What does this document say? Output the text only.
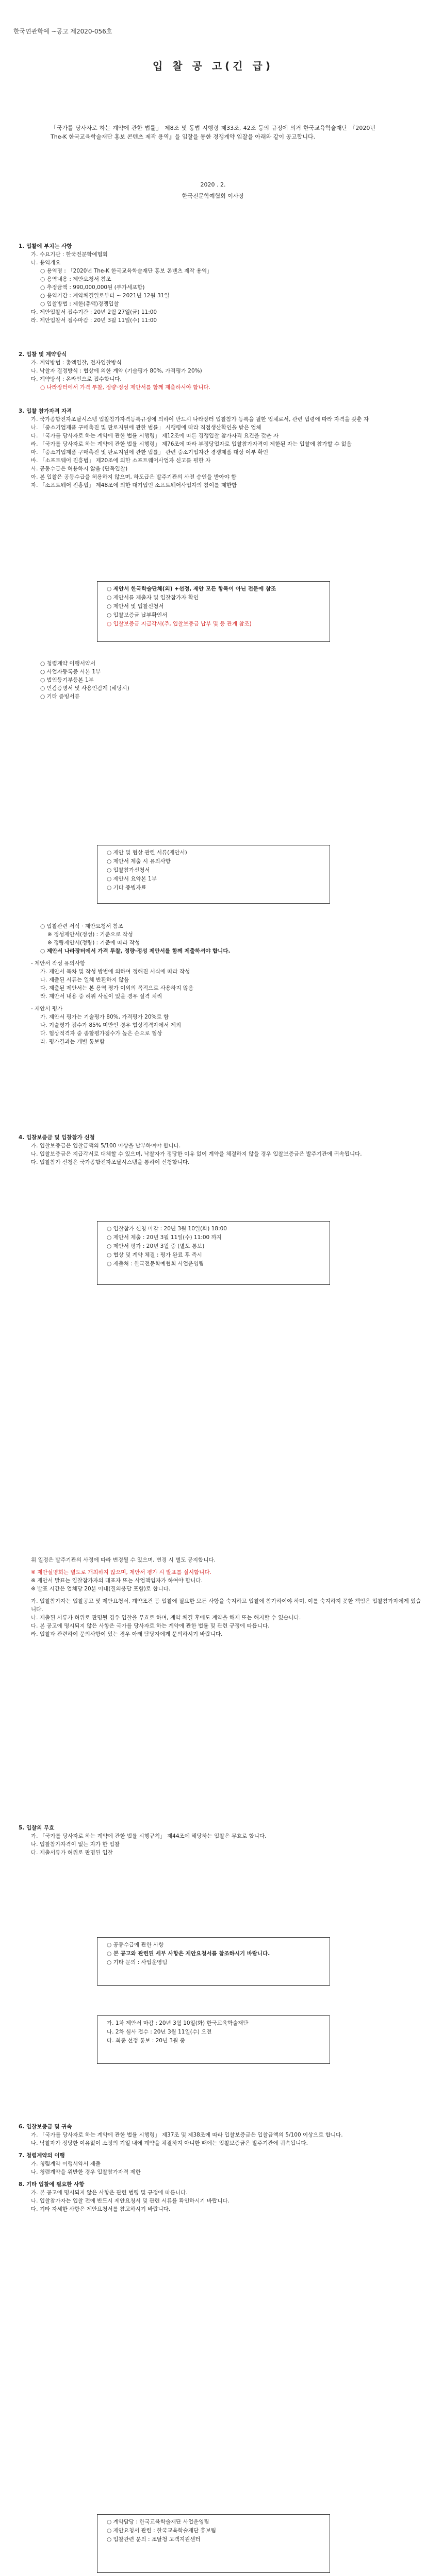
한국연관학예 ~공고 제2020-056호
입 찰 공 고(긴 급)
「국가를 당사자로 하는 계약에 관한 법률」 제8조 및 동법 시행령 제33조, 42조 등의 규정에 의거 한국교육학술재단 『2020년 The-K 한국교육학술재단 홍보 콘텐츠 제작 용역』을 입찰을 통한 경쟁계약 입찰을 아래와 같이 공고합니다.
2020 . 2.
한국전문학예협회 이사장
1. 입찰에 부치는 사항
가. 수요기관 : 한국전문학예협회
나. 용역개요
○ 용역명 : 「2020년 The-K 한국교육학술재단 홍보 콘텐츠 제작 용역」
○ 용역내용 : 제안요청서 참조
○ 추정금액 : 990,000,000원 (부가세포함)
○ 용역기간 : 계약체결일로부터 ~ 2021년 12월 31일
○ 입찰방법 : 제한(총액)경쟁입찰
다. 제안입찰서 접수기간 : 20년 2월 27일(금) 11:00
라. 제안입찰서 접수마감 : 20년 3월 11일(수) 11:00
2. 입찰 및 계약방식
가. 계약방법 : 총액입찰, 전자입찰방식
나. 낙찰자 결정방식 : 협상에 의한 계약 (기술평가 80%, 가격평가 20%)
다. 계약방식 : 온라인으로 접수합니다.
○ 나라장터에서 가격 투찰, 정량·정성 제안서를 함께 제출하셔야 합니다.
3. 입찰 참가자격 자격
가. 국가종합전자조달시스템 입찰참가자격등록규정에 의하여 반드시 나라장터 입찰참가 등록을 필한 업체로서, 관련 법령에 따라 자격을 갖춘 자
나. 「중소기업제품 구매촉진 및 판로지원에 관한 법률」 시행령에 따라 직접생산확인을 받은 업체
다. 「국가를 당사자로 하는 계약에 관한 법률 시행령」 제12조에 따른 경쟁입찰 참가자격 요건을 갖춘 자
라. 「국가를 당사자로 하는 계약에 관한 법률 시행령」 제76조에 따라 부정당업자로 입찰참가자격이 제한된 자는 입찰에 참가할 수 없음
마. 「중소기업제품 구매촉진 및 판로지원에 관한 법률」 관련 중소기업자간 경쟁제품 대상 여부 확인
바. 「소프트웨어 진흥법」 제20조에 의한 소프트웨어사업자 신고를 필한 자
사. 공동수급은 허용하지 않음 (단독입찰)
아. 본 입찰은 공동수급을 허용하지 않으며, 하도급은 발주기관의 사전 승인을 받아야 함
자. 「소프트웨어 진흥법」 제48조에 의한 대기업인 소프트웨어사업자의 참여를 제한함
○ 제안서 한국학술단체(외) +선정, 제안 모든 항목이 아닌 전문에 참조
○ 제안서를 제출자 및 입찰참가자 확인
○ 제안서 및 입찰신청서
○ 입찰보증금 납부확인서
○ 입찰보증금 지급각서(주, 입찰보증금 납부 및 등 관계 참조)
○ 청렴계약 이행서약서
○ 사업자등록증 사본 1부
○ 법인등기부등본 1부
○ 인감증명서 및 사용인감계 (해당시)
○ 기타 증빙서류
○ 제안 및 협상 관련 서류(제안서)
○ 제안서 제출 시 유의사항
○ 입찰참가신청서
○ 제안서 요약본 1부
○ 기타 증빙자료
○ 입찰관련 서식 · 제안요청서 참조
※ 정성제안서(정성) : 기준으로 작성
※ 정량제안서(정량) : 기준에 따라 작성
○ 제안서 나라장터에서 가격 투찰, 정량·정성 제안서를 함께 제출하셔야 합니다.
- 제안서 작성 유의사항
가. 제안서 목차 및 작성 방법에 의하여 정해진 서식에 따라 작성
나. 제출된 서류는 일체 반환하지 않음
다. 제출된 제안서는 본 용역 평가 이외의 목적으로 사용하지 않음
라. 제안서 내용 중 허위 사실이 있을 경우 실격 처리
- 제안서 평가
가. 제안서 평가는 기술평가 80%, 가격평가 20%로 함
나. 기술평가 점수가 85% 미만인 경우 협상적격자에서 제외
다. 협상적격자 중 종합평가점수가 높은 순으로 협상
라. 평가결과는 개별 통보함
4. 입찰보증금 및 입찰참가 신청
가. 입찰보증금은 입찰금액의 5/100 이상을 납부하여야 합니다.
나. 입찰보증금은 지급각서로 대체할 수 있으며, 낙찰자가 정당한 이유 없이 계약을 체결하지 않을 경우 입찰보증금은 발주기관에 귀속됩니다.
다. 입찰참가 신청은 국가종합전자조달시스템을 통하여 신청합니다.
○ 입찰참가 신청 마감 : 20년 3월 10일(화) 18:00
○ 제안서 제출 : 20년 3월 11일(수) 11:00 까지
○ 제안서 평가 : 20년 3월 중 (별도 통보)
○ 협상 및 계약 체결 : 평가 완료 후 즉시
○ 제출처 : 한국전문학예협회 사업운영팀
위 일정은 발주기관의 사정에 따라 변경될 수 있으며, 변경 시 별도 공지합니다.
※ 제안설명회는 별도로 개최하지 않으며, 제안서 평가 시 발표를 실시합니다.
※ 제안서 발표는 입찰참가자의 대표자 또는 사업책임자가 하여야 합니다.
※ 발표 시간은 업체당 20분 이내(질의응답 포함)로 합니다.
가. 입찰참가자는 입찰공고 및 제안요청서, 계약조건 등 입찰에 필요한 모든 사항을 숙지하고 입찰에 참가하여야 하며, 이를 숙지하지 못한 책임은 입찰참가자에게 있습니다.
나. 제출된 서류가 허위로 판명될 경우 입찰을 무효로 하며, 계약 체결 후에도 계약을 해제 또는 해지할 수 있습니다.
다. 본 공고에 명시되지 않은 사항은 국가를 당사자로 하는 계약에 관한 법률 및 관련 규정에 따릅니다.
라. 입찰과 관련하여 문의사항이 있는 경우 아래 담당자에게 문의하시기 바랍니다.
5. 입찰의 무효
가. 「국가를 당사자로 하는 계약에 관한 법률 시행규칙」 제44조에 해당하는 입찰은 무효로 합니다.
나. 입찰참가자격이 없는 자가 한 입찰
다. 제출서류가 허위로 판명된 입찰
○ 공동수급에 관한 사항
○ 본 공고와 관련된 세부 사항은 제안요청서를 참조하시기 바랍니다.
○ 기타 문의 : 사업운영팀
가. 1차 제안서 마감 : 20년 3월 10일(화) 한국교육학술재단
나. 2차 심사 접수 : 20년 3월 11일(수) 오전
다. 최종 선정 통보 : 20년 3월 중
6. 입찰보증금 및 귀속
가. 「국가를 당사자로 하는 계약에 관한 법률 시행령」 제37조 및 제38조에 따라 입찰보증금은 입찰금액의 5/100 이상으로 합니다.
나. 낙찰자가 정당한 이유없이 소정의 기일 내에 계약을 체결하지 아니한 때에는 입찰보증금은 발주기관에 귀속됩니다.
7. 청렴계약의 이행
가. 청렴계약 이행서약서 제출
나. 청렴계약을 위반한 경우 입찰참가자격 제한
8. 기타 입찰에 필요한 사항
가. 본 공고에 명시되지 않은 사항은 관련 법령 및 규정에 따릅니다.
나. 입찰참가자는 입찰 전에 반드시 제안요청서 및 관련 서류를 확인하시기 바랍니다.
다. 기타 자세한 사항은 제안요청서를 참고하시기 바랍니다.
○ 계약담당 : 한국교육학술재단 사업운영팀
○ 제안요청서 관련 : 한국교육학술재단 홍보팀
○ 입찰관련 문의 : 조달청 고객지원센터
